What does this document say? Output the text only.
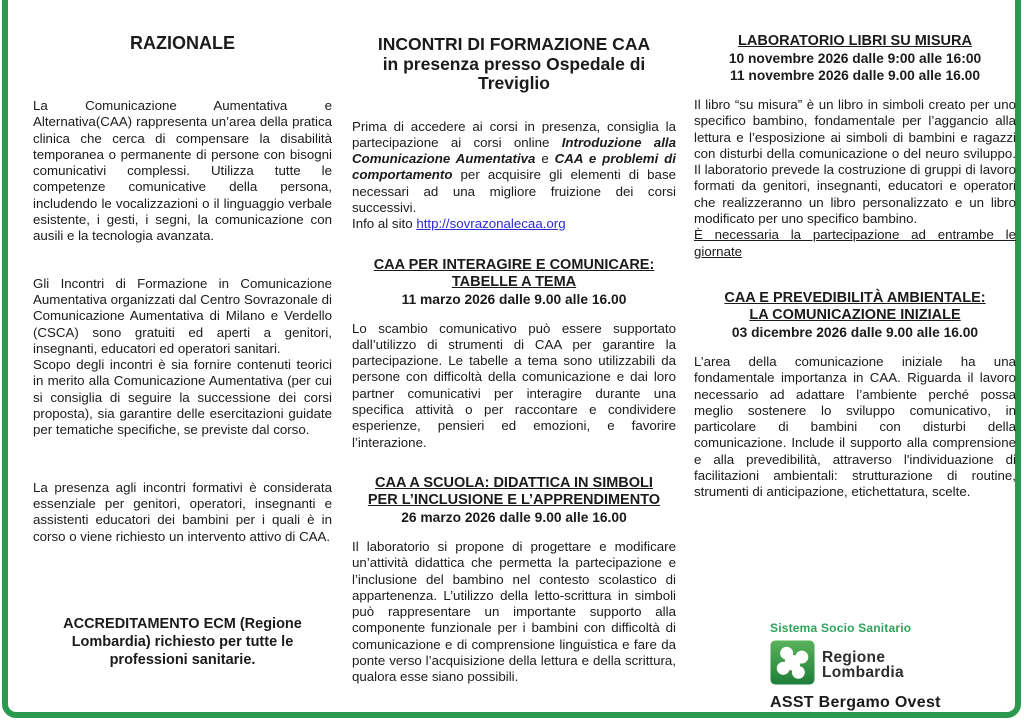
RAZIONALE

La Comunicazione Aumentativa e Alternativa(CAA) rappresenta un’area della pratica clinica che cerca di compensare la disabilità temporanea o permanente di persone con bisogni comunicativi complessi. Utilizza tutte le competenze comunicative della persona, includendo le vocalizzazioni o il linguaggio verbale esistente, i gesti, i segni, la comunicazione con ausili e la tecnologia avanzata.

Gli Incontri di Formazione in Comunicazione Aumentativa organizzati dal Centro Sovrazonale di Comunicazione Aumentativa di Milano e Verdello (CSCA) sono gratuiti ed aperti a genitori, insegnanti, educatori ed operatori sanitari.

Scopo degli incontri è sia fornire contenuti teorici in merito alla Comunicazione Aumentativa (per cui si consiglia di seguire la successione dei corsi proposta), sia garantire delle esercitazioni guidate per tematiche specifiche, se previste dal corso.

La presenza agli incontri formativi è considerata essenziale per genitori, operatori, insegnanti e assistenti educatori dei bambini per i quali è in corso o viene richiesto un intervento attivo di CAA.

ACCREDITAMENTO ECM (Regione Lombardia) richiesto per tutte le professioni sanitarie.

INCONTRI DI FORMAZIONE CAA
in presenza presso Ospedale di Treviglio

Prima di accedere ai corsi in presenza, consiglia la partecipazione ai corsi online Introduzione alla Comunicazione Aumentativa e CAA e problemi di comportamento per acquisire gli elementi di base necessari ad una migliore fruizione dei corsi successivi.

Info al sito http://sovrazonalecaa.org

CAA PER INTERAGIRE E COMUNICARE:
TABELLE A TEMA
11 marzo 2026 dalle 9.00 alle 16.00

Lo scambio comunicativo può essere supportato dall’utilizzo di strumenti di CAA per garantire la partecipazione. Le tabelle a tema sono utilizzabili da persone con difficoltà della comunicazione e dai loro partner comunicativi per interagire durante una specifica attività o per raccontare e condividere esperienze, pensieri ed emozioni, e favorire l’interazione.

CAA A SCUOLA: DIDATTICA IN SIMBOLI
PER L’INCLUSIONE E L’APPRENDIMENTO
26 marzo 2026 dalle 9.00 alle 16.00

Il laboratorio si propone di progettare e modificare un’attività didattica che permetta la partecipazione e l’inclusione del bambino nel contesto scolastico di appartenenza. L’utilizzo della letto-scrittura in simboli può rappresentare un importante supporto alla componente funzionale per i bambini con difficoltà di comunicazione e di comprensione linguistica e fare da ponte verso l’acquisizione della lettura e della scrittura, qualora esse siano possibili.

LABORATORIO LIBRI SU MISURA
10 novembre 2026 dalle 9:00 alle 16:00
11 novembre 2026 dalle 9.00 alle 16.00

Il libro “su misura” è un libro in simboli creato per uno specifico bambino, fondamentale per l’aggancio alla lettura e l’esposizione ai simboli di bambini e ragazzi con disturbi della comunicazione o del neuro sviluppo. Il laboratorio prevede la costruzione di gruppi di lavoro formati da genitori, insegnanti, educatori e operatori che realizzeranno un libro personalizzato e un libro modificato per uno specifico bambino.

È necessaria la partecipazione ad entrambe le giornate

CAA E PREVEDIBILITÀ AMBIENTALE:
LA COMUNICAZIONE INIZIALE
03 dicembre 2026 dalle 9.00 alle 16.00

L’area della comunicazione iniziale ha una fondamentale importanza in CAA. Riguarda il lavoro necessario ad adattare l’ambiente perché possa meglio sostenere lo sviluppo comunicativo, in particolare di bambini con disturbi della comunicazione. Include il supporto alla comprensione e alla prevedibilità, attraverso l'individuazione di facilitazioni ambientali: strutturazione di routine, strumenti di anticipazione, etichettatura, scelte.

Sistema Socio Sanitario
Regione
Lombardia
ASST Bergamo Ovest
